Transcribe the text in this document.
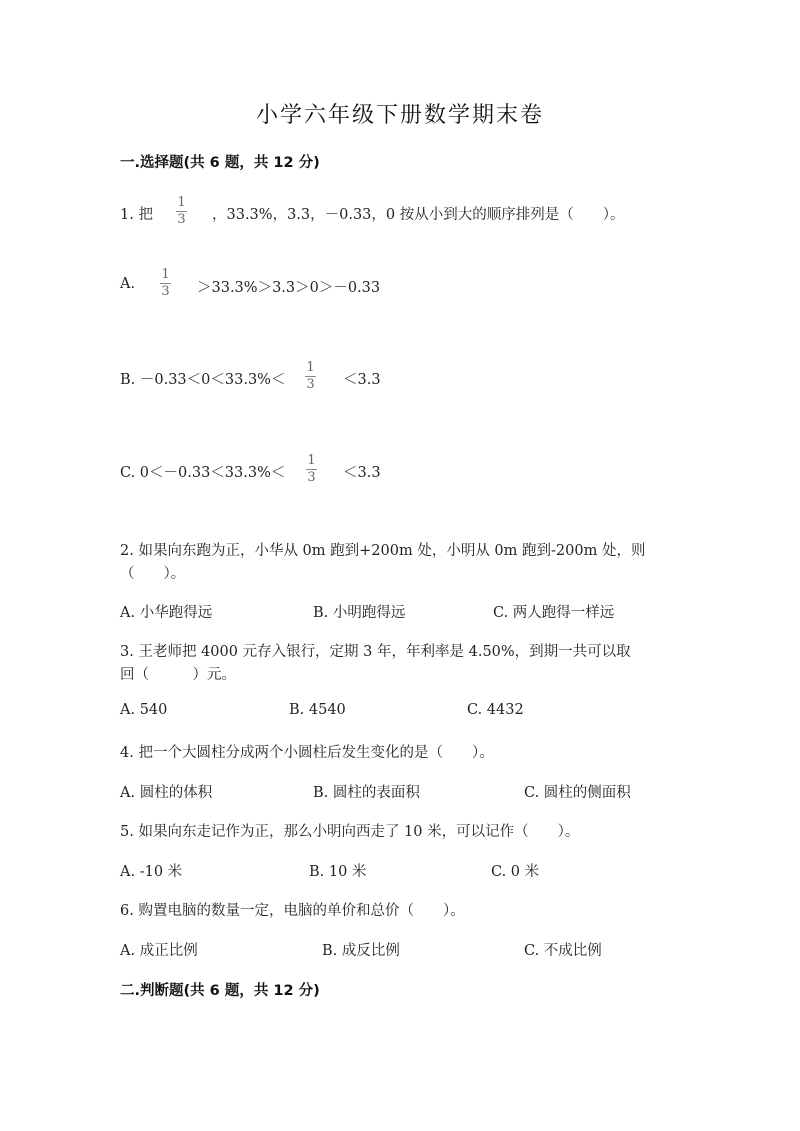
小学六年级下册数学期末卷
一.选择题(共 6 题，共 12 分)
1. 把
1
3 ，33.3%，3.3，－0.33，0 按从小到大的顺序排列是（　　）。
A.
1
3 ＞33.3%＞3.3＞0＞－0.33
B. －0.33＜0＜33.3%＜
1
3 ＜3.3
C. 0＜－0.33＜33.3%＜
1
3 ＜3.3
2. 如果向东跑为正，小华从 0m 跑到+200m 处，小明从 0m 跑到-200m 处，则
（　　）。
A. 小华跑得远	B. 小明跑得远	C. 两人跑得一样远
3. 王老师把 4000 元存入银行，定期 3 年，年利率是 4.50%，到期一共可以取
回（　　　）元。
A. 540	B. 4540	C. 4432
4. 把一个大圆柱分成两个小圆柱后发生变化的是（　　）。
A. 圆柱的体积	B. 圆柱的表面积	C. 圆柱的侧面积
5. 如果向东走记作为正，那么小明向西走了 10 米，可以记作（　　）。
A. -10 米	B. 10 米	C. 0 米
6. 购置电脑的数量一定，电脑的单价和总价（　　）。
A. 成正比例	B. 成反比例	C. 不成比例
二.判断题(共 6 题，共 12 分)
